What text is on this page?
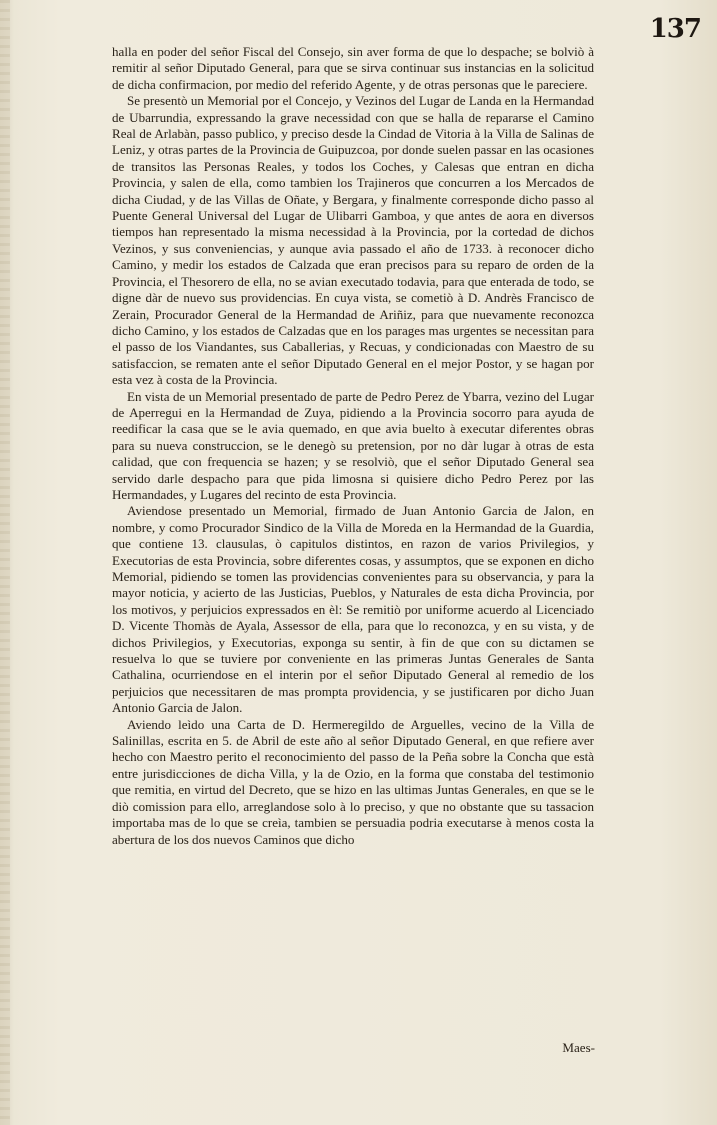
137

halla en poder del señor Fiscal del Consejo, sin aver forma de que lo despache; se bolviò à remitir al señor Diputado General, para que se sirva continuar sus instancias en la solicitud de dicha confirmacion, por medio del referido Agente, y de otras personas que le pareciere.

Se presentò un Memorial por el Concejo, y Vezinos del Lugar de Landa en la Hermandad de Ubarrundia, expressando la grave necessidad con que se halla de repararse el Camino Real de Arlabàn, passo publico, y preciso desde la Cindad de Vitoria à la Villa de Salinas de Leniz, y otras partes de la Provincia de Guipuzcoa, por donde suelen passar en las ocasiones de transitos las Personas Reales, y todos los Coches, y Calesas que entran en dicha Provincia, y salen de ella, como tambien los Trajineros que concurren a los Mercados de dicha Ciudad, y de las Villas de Oñate, y Bergara, y finalmente corresponde dicho passo al Puente General Universal del Lugar de Ulibarri Gamboa, y que antes de aora en diversos tiempos han representado la misma necessidad à la Provincia, por la cortedad de dichos Vezinos, y sus conveniencias, y aunque avia passado el año de 1733. à reconocer dicho Camino, y medir los estados de Calzada que eran precisos para su reparo de orden de la Provincia, el Thesorero de ella, no se avian executado todavia, para que enterada de todo, se digne dàr de nuevo sus providencias. En cuya vista, se cometiò à D. Andrès Francisco de Zerain, Procurador General de la Hermandad de Ariñiz, para que nuevamente reconozca dicho Camino, y los estados de Calzadas que en los parages mas urgentes se necessitan para el passo de los Viandantes, sus Caballerias, y Recuas, y condicionadas con Maestro de su satisfaccion, se rematen ante el señor Diputado General en el mejor Postor, y se hagan por esta vez à costa de la Provincia.

En vista de un Memorial presentado de parte de Pedro Perez de Ybarra, vezino del Lugar de Aperregui en la Hermandad de Zuya, pidiendo a la Provincia socorro para ayuda de reedificar la casa que se le avia quemado, en que avia buelto à executar diferentes obras para su nueva construccion, se le denegò su pretension, por no dàr lugar à otras de esta calidad, que con frequencia se hazen; y se resolviò, que el señor Diputado General sea servido darle despacho para que pida limosna si quisiere dicho Pedro Perez por las Hermandades, y Lugares del recinto de esta Provincia.

Aviendose presentado un Memorial, firmado de Juan Antonio Garcia de Jalon, en nombre, y como Procurador Sindico de la Villa de Moreda en la Hermandad de la Guardia, que contiene 13. clausulas, ò capitulos distintos, en razon de varios Privilegios, y Executorias de esta Provincia, sobre diferentes cosas, y assumptos, que se exponen en dicho Memorial, pidiendo se tomen las providencias convenientes para su observancia, y para la mayor noticia, y acierto de las Justicias, Pueblos, y Naturales de esta dicha Provincia, por los motivos, y perjuicios expressados en èl: Se remitiò por uniforme acuerdo al Licenciado D. Vicente Thomàs de Ayala, Assessor de ella, para que lo reconozca, y en su vista, y de dichos Privilegios, y Executorias, exponga su sentir, à fin de que con su dictamen se resuelva lo que se tuviere por conveniente en las primeras Juntas Generales de Santa Cathalina, ocurriendose en el interin por el señor Diputado General al remedio de los perjuicios que necessitaren de mas prompta providencia, y se justificaren por dicho Juan Antonio Garcia de Jalon.

Aviendo leìdo una Carta de D. Hermeregildo de Arguelles, vecino de la Villa de Salinillas, escrita en 5. de Abril de este año al señor Diputado General, en que refiere aver hecho con Maestro perito el reconocimiento del passo de la Peña sobre la Concha que està entre jurisdicciones de dicha Villa, y la de Ozio, en la forma que constaba del testimonio que remitia, en virtud del Decreto, que se hizo en las ultimas Juntas Generales, en que se le diò comission para ello, arreglandose solo à lo preciso, y que no obstante que su tassacion importaba mas de lo que se creìa, tambien se persuadia podria executarse à menos costa la abertura de los dos nuevos Caminos que dicho

Maes-
